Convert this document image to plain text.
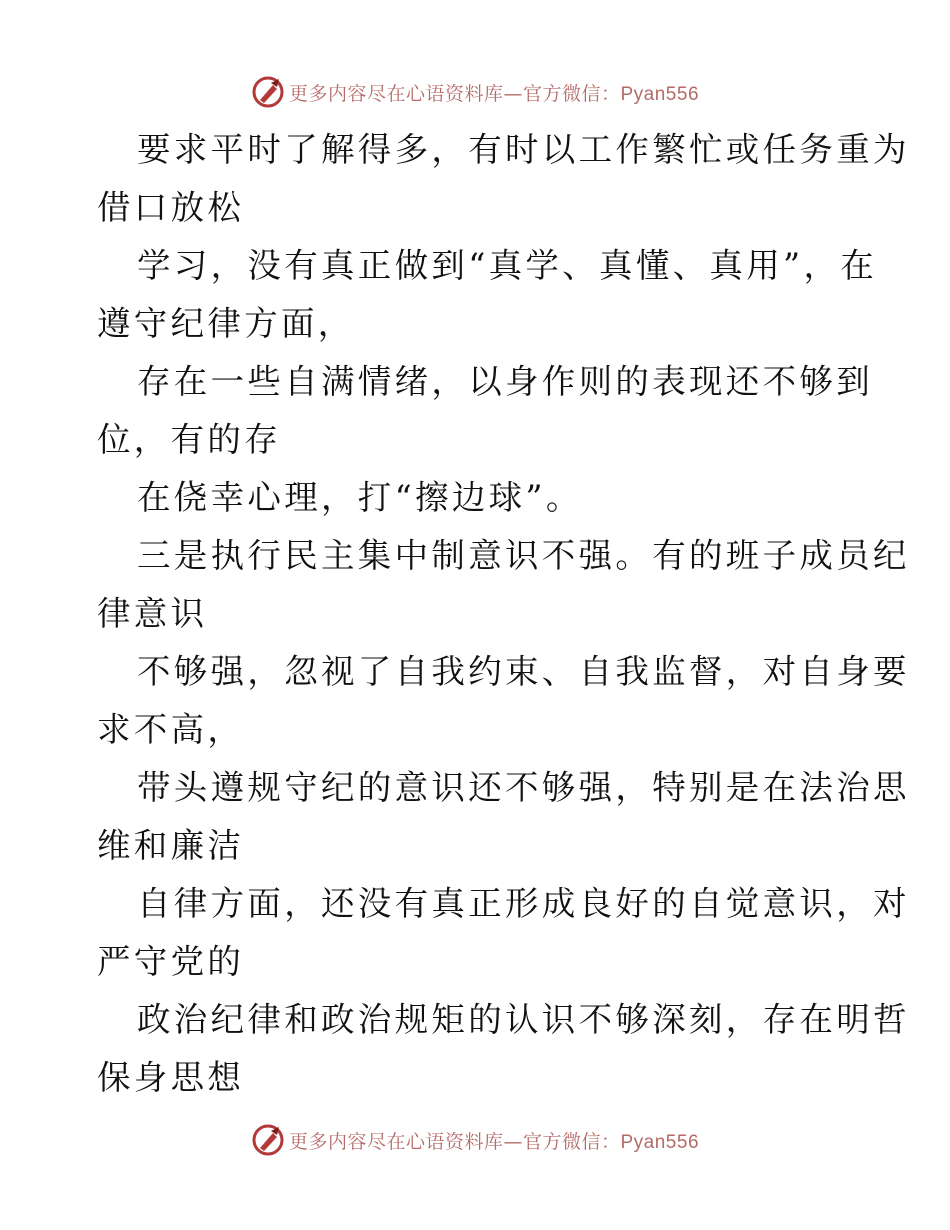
更多内容尽在心语资料库—官方微信：Pyan556
要求平时了解得多，有时以工作繁忙或任务重为
借口放松
学习，没有真正做到“真学、真懂、真用”，在
遵守纪律方面，
存在一些自满情绪，以身作则的表现还不够到
位，有的存
在侥幸心理，打“擦边球”。
三是执行民主集中制意识不强。有的班子成员纪
律意识
不够强，忽视了自我约束、自我监督，对自身要
求不高，
带头遵规守纪的意识还不够强，特别是在法治思
维和廉洁
自律方面，还没有真正形成良好的自觉意识，对
严守党的
政治纪律和政治规矩的认识不够深刻，存在明哲
保身思想
更多内容尽在心语资料库—官方微信：Pyan556
